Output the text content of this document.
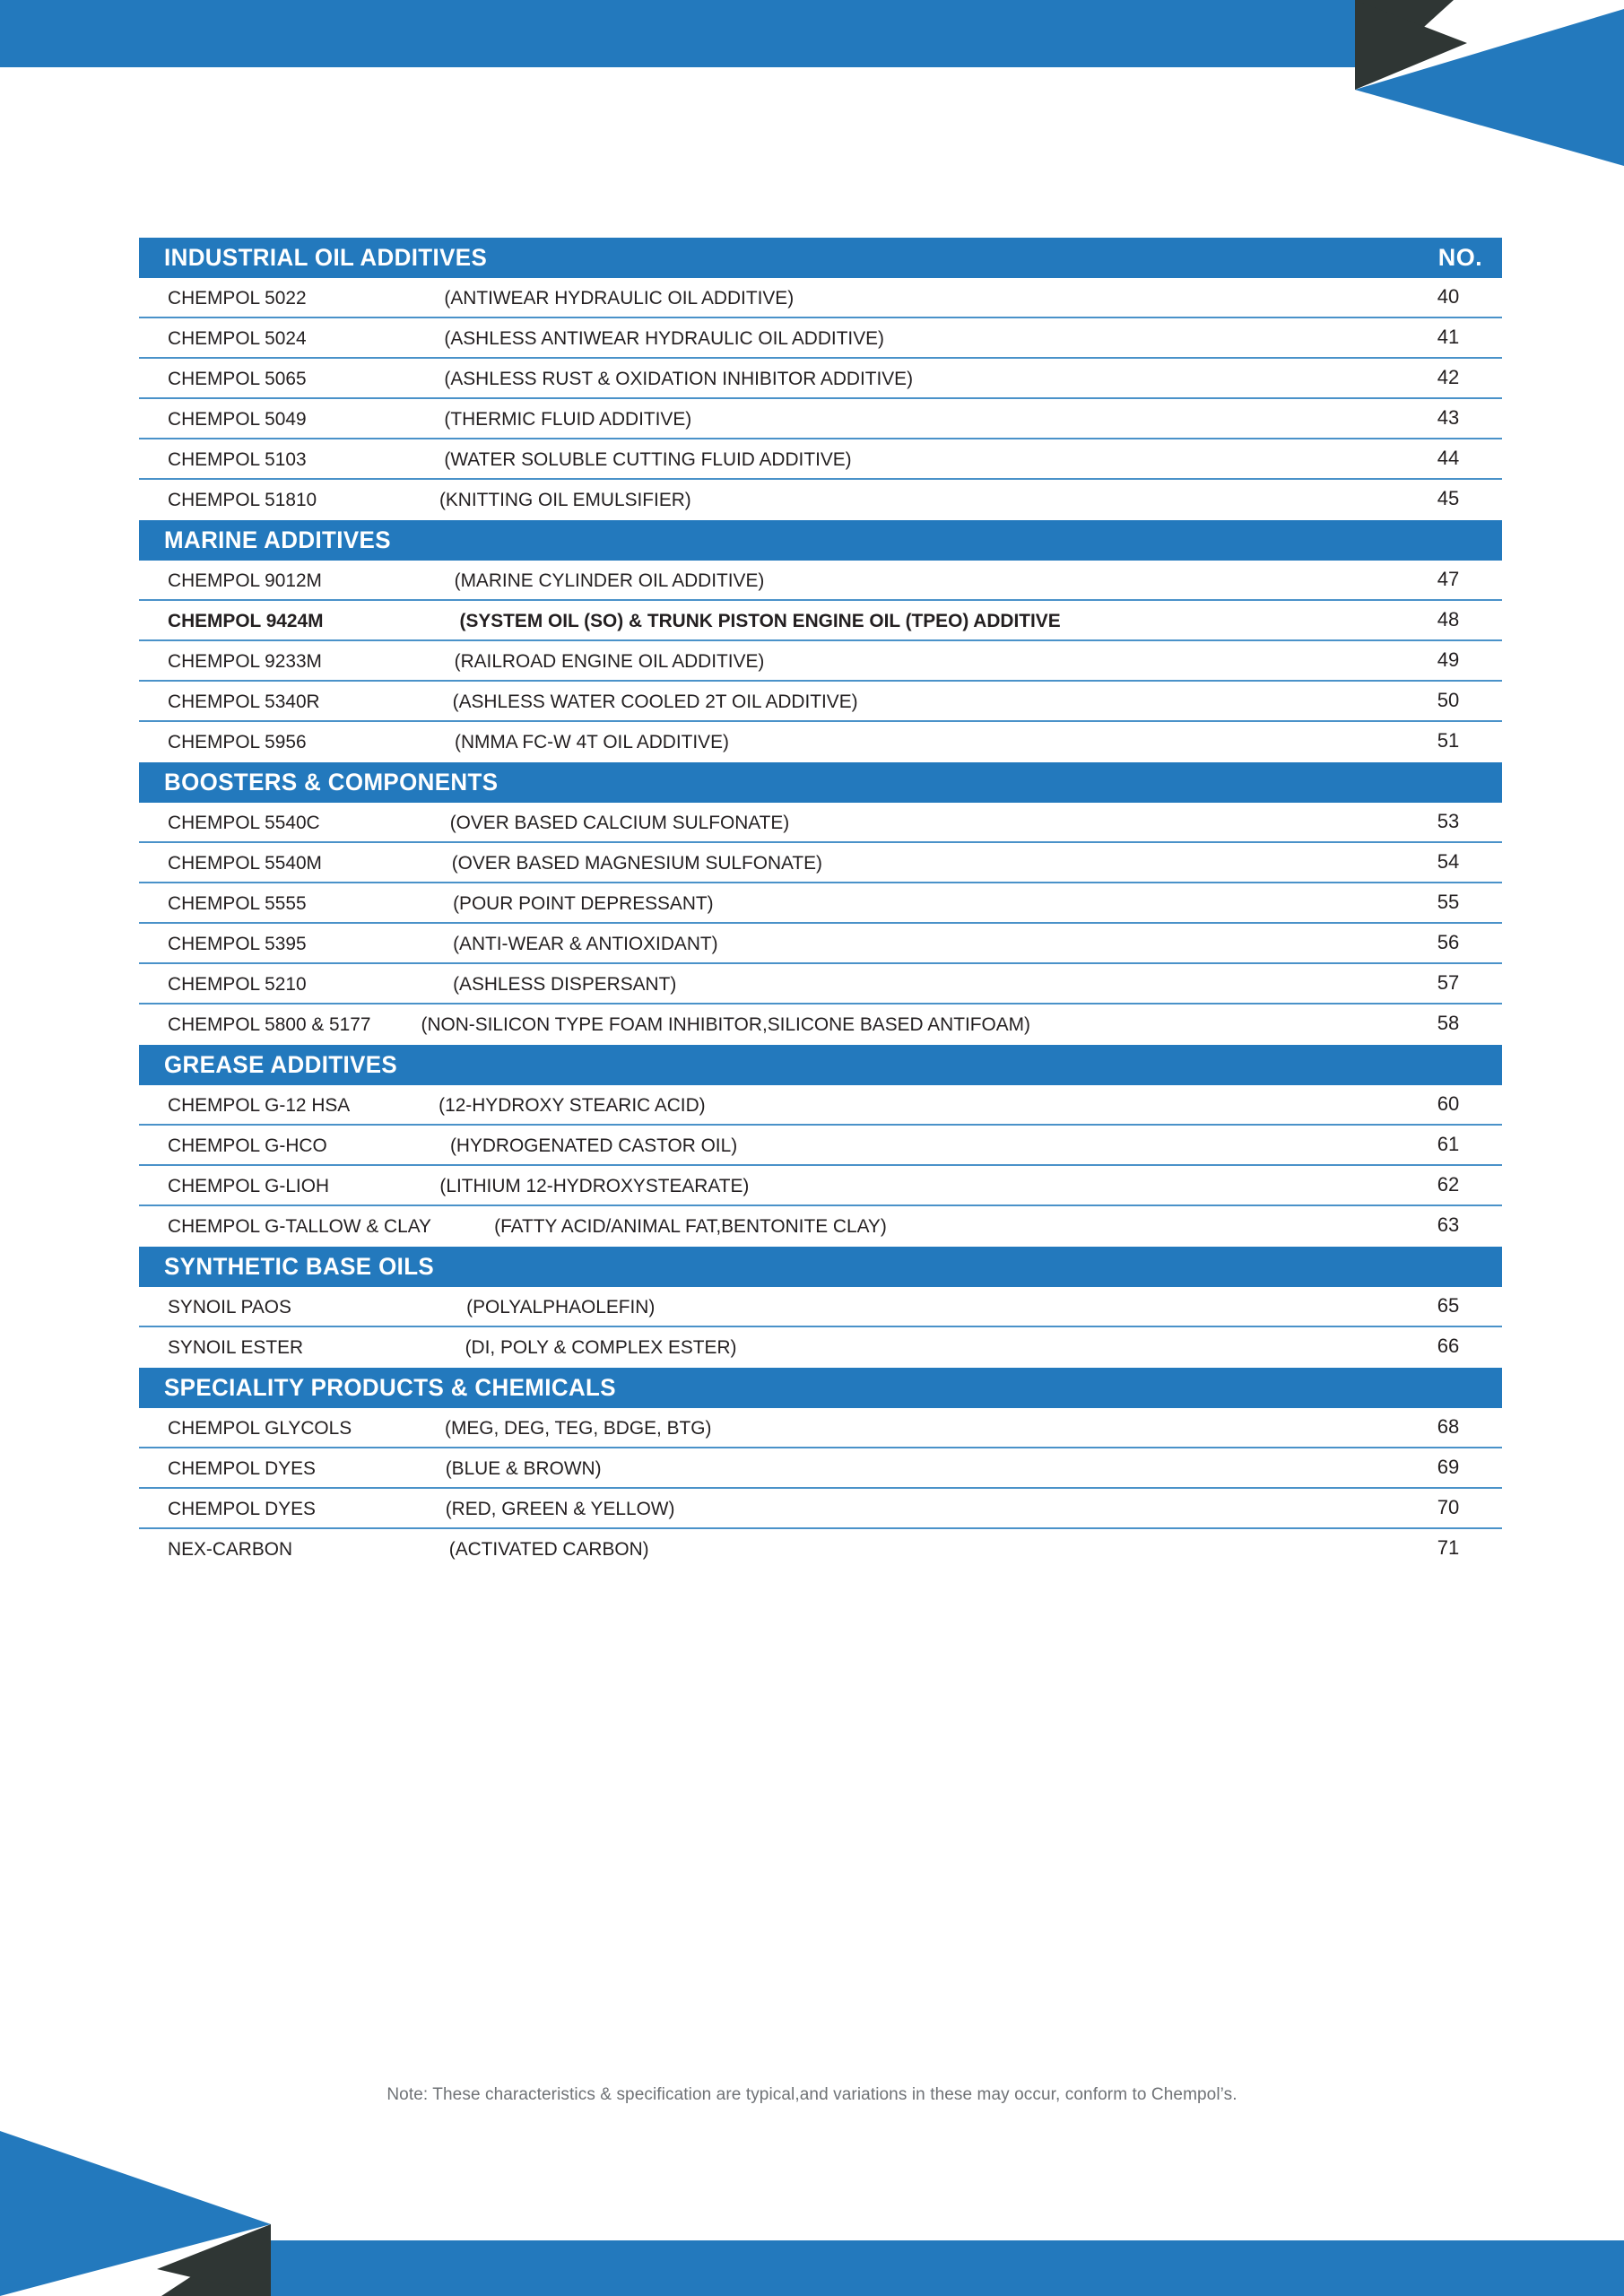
INDUSTRIAL OIL ADDITIVES	NO.
CHEMPOL 5022	(ANTIWEAR HYDRAULIC OIL ADDITIVE)	40
CHEMPOL 5024	(ASHLESS ANTIWEAR HYDRAULIC OIL ADDITIVE)	41
CHEMPOL 5065	(ASHLESS RUST & OXIDATION INHIBITOR ADDITIVE)	42
CHEMPOL 5049	(THERMIC FLUID ADDITIVE)	43
CHEMPOL 5103	(WATER SOLUBLE CUTTING FLUID ADDITIVE)	44
CHEMPOL 51810	(KNITTING OIL EMULSIFIER)	45
MARINE ADDITIVES
CHEMPOL 9012M	(MARINE CYLINDER OIL ADDITIVE)	47
CHEMPOL 9424M	(SYSTEM OIL (SO) & TRUNK PISTON ENGINE OIL (TPEO) ADDITIVE	48
CHEMPOL 9233M	(RAILROAD ENGINE OIL ADDITIVE)	49
CHEMPOL 5340R	(ASHLESS WATER COOLED 2T OIL ADDITIVE)	50
CHEMPOL 5956	(NMMA FC-W 4T OIL ADDITIVE)	51
BOOSTERS & COMPONENTS
CHEMPOL 5540C	(OVER BASED CALCIUM SULFONATE)	53
CHEMPOL 5540M	(OVER BASED MAGNESIUM SULFONATE)	54
CHEMPOL 5555	(POUR POINT DEPRESSANT)	55
CHEMPOL 5395	(ANTI-WEAR & ANTIOXIDANT)	56
CHEMPOL 5210	(ASHLESS DISPERSANT)	57
CHEMPOL 5800 & 5177	(NON-SILICON TYPE FOAM INHIBITOR,SILICONE BASED ANTIFOAM)	58
GREASE ADDITIVES
CHEMPOL G-12 HSA	(12-HYDROXY STEARIC ACID)	60
CHEMPOL G-HCO	(HYDROGENATED CASTOR OIL)	61
CHEMPOL G-LIOH	(LITHIUM 12-HYDROXYSTEARATE)	62
CHEMPOL G-TALLOW & CLAY	(FATTY ACID/ANIMAL FAT,BENTONITE CLAY)	63
SYNTHETIC BASE OILS
SYNOIL PAOS	(POLYALPHAOLEFIN)	65
SYNOIL ESTER	(DI, POLY & COMPLEX ESTER)	66
SPECIALITY PRODUCTS & CHEMICALS
CHEMPOL GLYCOLS	(MEG, DEG, TEG, BDGE, BTG)	68
CHEMPOL DYES	(BLUE & BROWN)	69
CHEMPOL DYES	(RED, GREEN & YELLOW)	70
NEX-CARBON	(ACTIVATED CARBON)	71
Note: These characteristics & specification are typical,and variations in these may occur, conform to Chempol’s.
